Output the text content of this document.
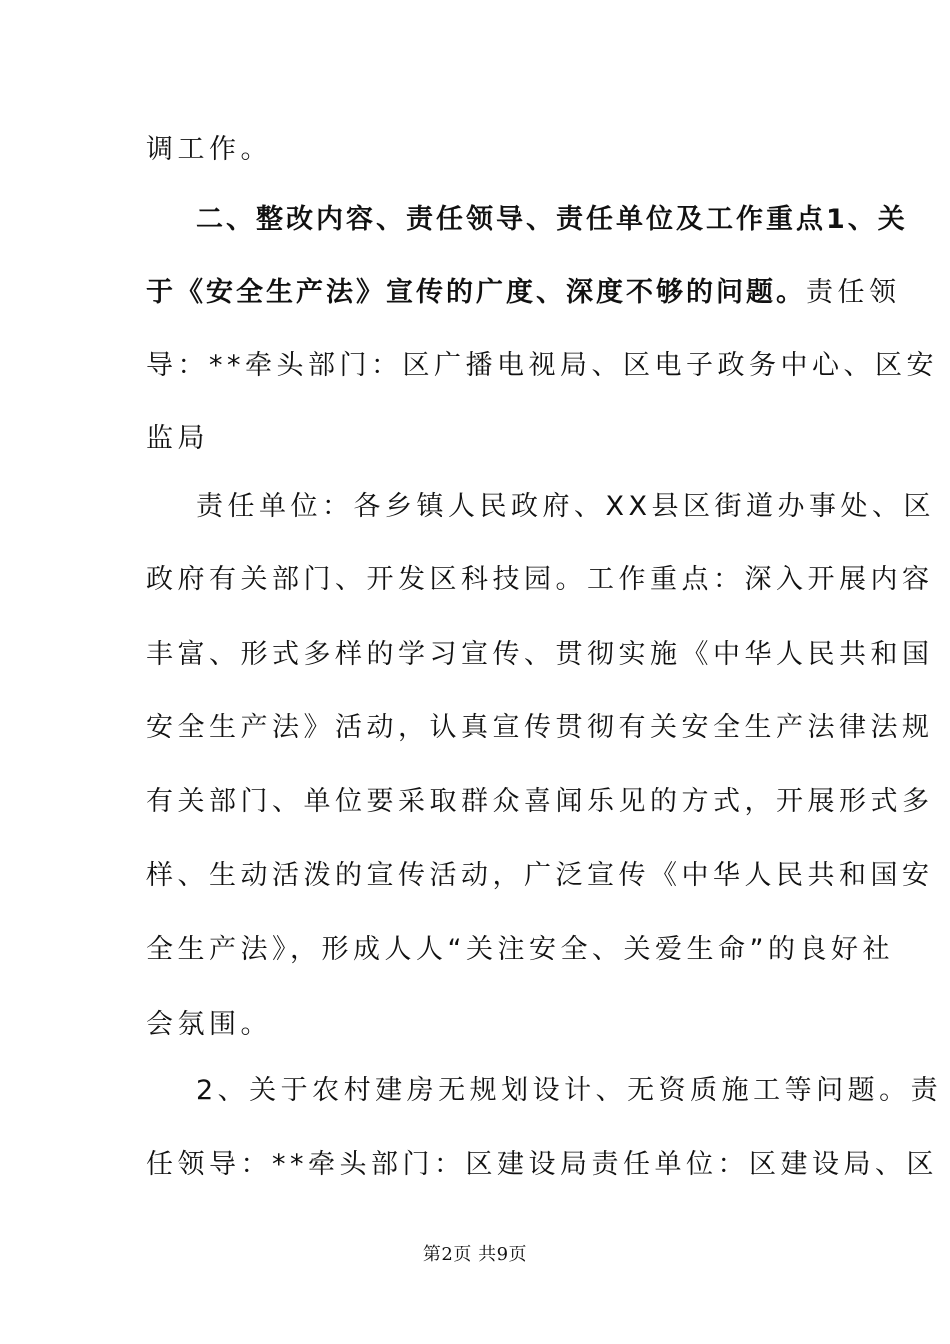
调工作。
二、整改内容、责任领导、责任单位及工作重点1、关
于《安全生产法》宣传的广度、深度不够的问题。责任领
导：**牵头部门：区广播电视局、区电子政务中心、区安
监局
责任单位：各乡镇人民政府、XX县区街道办事处、区
政府有关部门、开发区科技园。工作重点：深入开展内容
丰富、形式多样的学习宣传、贯彻实施《中华人民共和国
安全生产法》活动，认真宣传贯彻有关安全生产法律法规
有关部门、单位要采取群众喜闻乐见的方式，开展形式多
样、生动活泼的宣传活动，广泛宣传《中华人民共和国安
全生产法》，形成人人“关注安全、关爱生命”的良好社
会氛围。
2、关于农村建房无规划设计、无资质施工等问题。责
任领导：**牵头部门：区建设局责任单位：区建设局、区
第2页 共9页
